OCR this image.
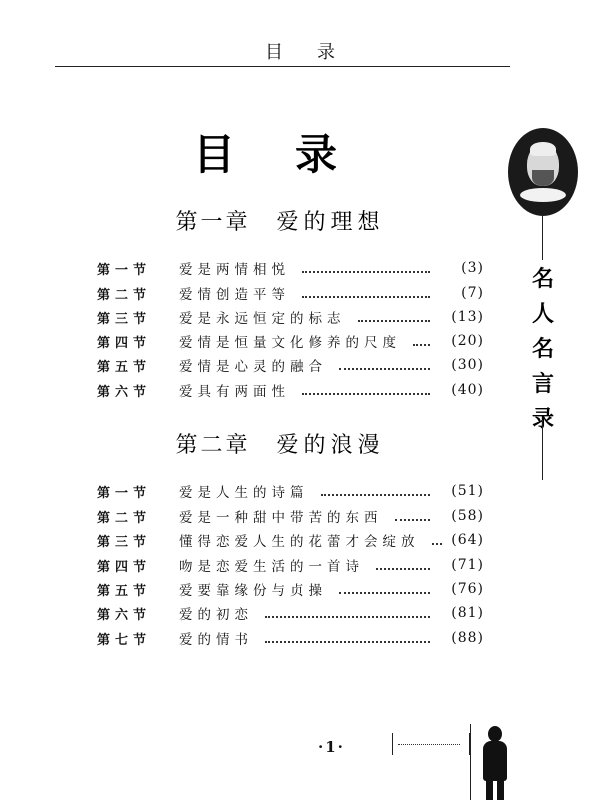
目录
目录
第一章 爱的理想
第一节	爱是两情相悦	(3)
第二节	爱情创造平等	(7)
第三节	爱是永远恒定的标志	(13)
第四节	爱情是恒量文化修养的尺度	(20)
第五节	爱情是心灵的融合	(30)
第六节	爱具有两面性	(40)
第二章 爱的浪漫
第一节	爱是人生的诗篇	(51)
第二节	爱是一种甜中带苦的东西	(58)
第三节	懂得恋爱人生的花蕾才会绽放	(64)
第四节	吻是恋爱生活的一首诗	(71)
第五节	爱要靠缘份与贞操	(76)
第六节	爱的初恋	(81)
第七节	爱的情书	(88)
名
人
名
言
录
·1·
